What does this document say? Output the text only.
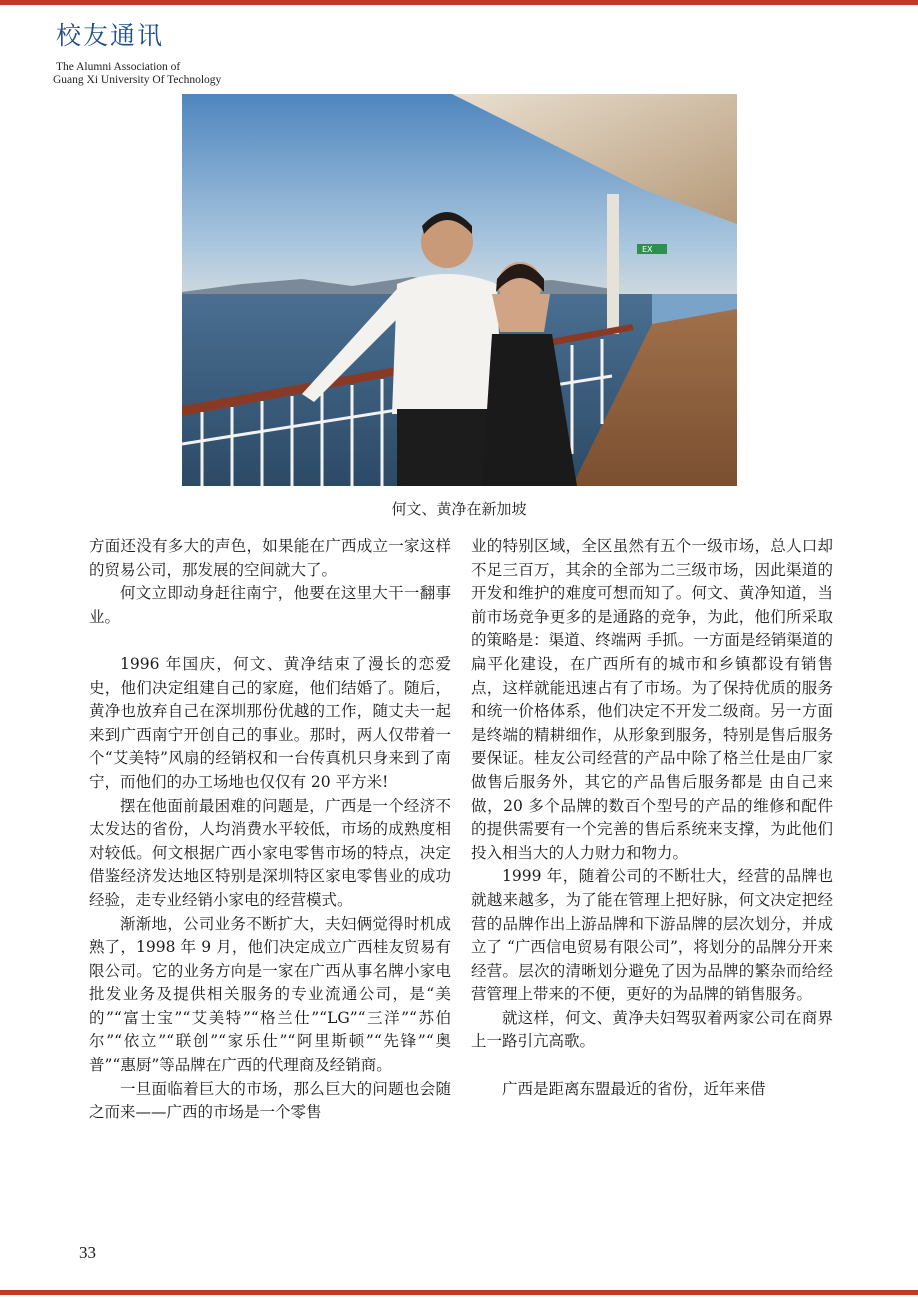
校友通讯
The Alumni Association of
Guang Xi University Of Technology
EX
何文、黄净在新加坡

方面还没有多大的声色，如果能在广西成立一家这样的贸易公司，那发展的空间就大了。

何文立即动身赶往南宁，他要在这里大干一翻事业。

1996 年国庆，何文、黄净结束了漫长的恋爱史，他们决定组建自己的家庭，他们结婚了。随后，黄净也放弃自己在深圳那份优越的工作，随丈夫一起来到广西南宁开创自己的事业。那时，两人仅带着一个“艾美特”风扇的经销权和一台传真机只身来到了南宁，而他们的办工场地也仅仅有 20 平方米!

摆在他面前最困难的问题是，广西是一个经济不太发达的省份，人均消费水平较低，市场的成熟度相对较低。何文根据广西小家电零售市场的特点，决定借鉴经济发达地区特别是深圳特区家电零售业的成功经验，走专业经销小家电的经营模式。

渐渐地，公司业务不断扩大，夫妇俩觉得时机成熟了，1998 年 9 月，他们决定成立广西桂友贸易有限公司。它的业务方向是一家在广西从事名牌小家电批发业务及提供相关服务的专业流通公司，是“美的”“富士宝”“艾美特”“格兰仕”“LG”“三洋”“苏伯尔”“依立”“联创”“家乐仕”“阿里斯顿”“先锋”“奥普”“惠厨”等品牌在广西的代理商及经销商。

一旦面临着巨大的市场，那么巨大的问题也会随之而来——广西的市场是一个零售

业的特别区域，全区虽然有五个一级市场，总人口却不足三百万，其余的全部为二三级市场，因此渠道的开发和维护的难度可想而知了。何文、黄净知道，当前市场竞争更多的是通路的竞争，为此，他们所采取的策略是：渠道、终端两 手抓。一方面是经销渠道的扁平化建设，在广西所有的城市和乡镇都设有销售点，这样就能迅速占有了市场。为了保持优质的服务和统一价格体系，他们决定不开发二级商。另一方面是终端的精耕细作，从形象到服务，特别是售后服务要保证。桂友公司经营的产品中除了格兰仕是由厂家做售后服务外，其它的产品售后服务都是 由自己来做，20 多个品牌的数百个型号的产品的维修和配件的提供需要有一个完善的售后系统来支撑，为此他们投入相当大的人力财力和物力。

1999 年，随着公司的不断壮大，经营的品牌也就越来越多，为了能在管理上把好脉，何文决定把经营的品牌作出上游品牌和下游品牌的层次划分，并成立了 “广西信电贸易有限公司”，将划分的品牌分开来经营。层次的清晰划分避免了因为品牌的繁杂而给经营管理上带来的不便，更好的为品牌的销售服务。

就这样，何文、黄净夫妇驾驭着两家公司在商界上一路引亢高歌。

广西是距离东盟最近的省份，近年来借

33
